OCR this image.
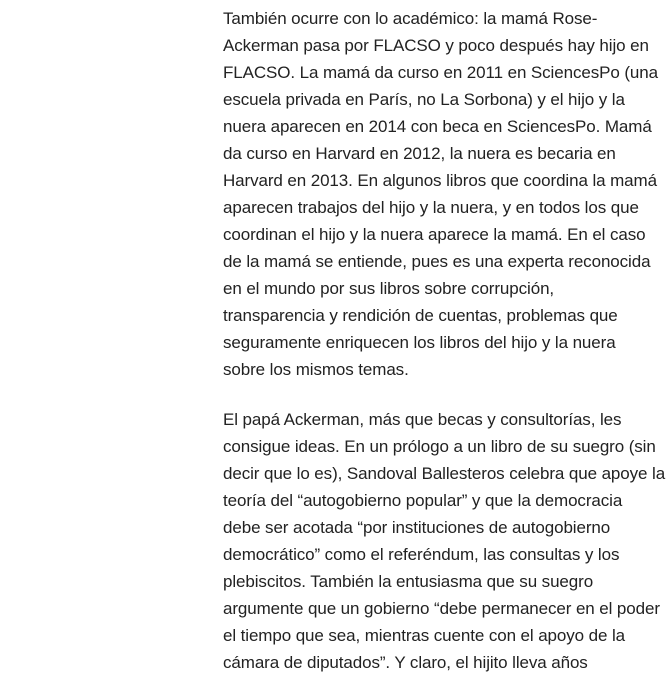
También ocurre con lo académico: la mamá Rose-
Ackerman pasa por FLACSO y poco después hay hijo en
FLACSO. La mamá da curso en 2011 en SciencesPo (una
escuela privada en París, no La Sorbona) y el hijo y la
nuera aparecen en 2014 con beca en SciencesPo. Mamá
da curso en Harvard en 2012, la nuera es becaria en
Harvard en 2013. En algunos libros que coordina la mamá
aparecen trabajos del hijo y la nuera, y en todos los que
coordinan el hijo y la nuera aparece la mamá. En el caso
de la mamá se entiende, pues es una experta reconocida
en el mundo por sus libros sobre corrupción,
transparencia y rendición de cuentas, problemas que
seguramente enriquecen los libros del hijo y la nuera
sobre los mismos temas.

El papá Ackerman, más que becas y consultorías, les
consigue ideas. En un prólogo a un libro de su suegro (sin
decir que lo es), Sandoval Ballesteros celebra que apoye la
teoría del “autogobierno popular” y que la democracia
debe ser acotada “por instituciones de autogobierno
democrático” como el referéndum, las consultas y los
plebiscitos. También la entusiasma que su suegro
argumente que un gobierno “debe permanecer en el poder
el tiempo que sea, mientras cuente con el apoyo de la
cámara de diputados”. Y claro, el hijito lleva años
